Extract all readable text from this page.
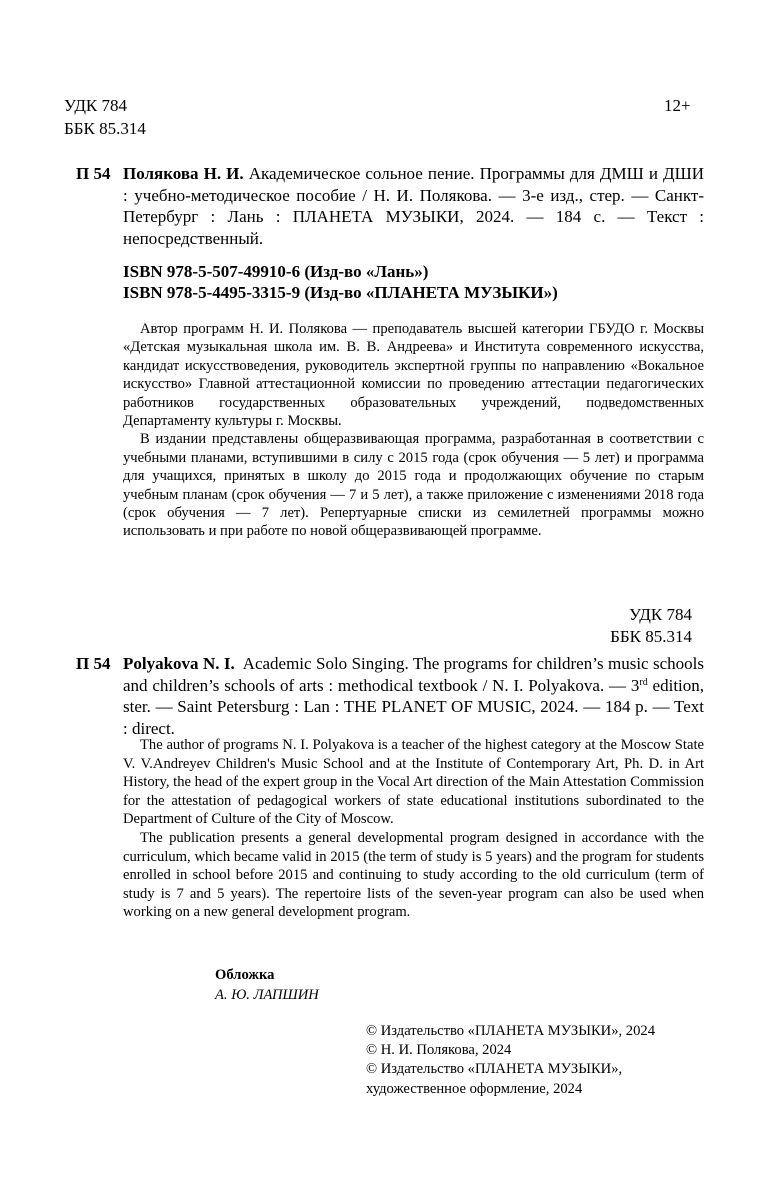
УДК 784
ББК 85.314
12+
П 54 Полякова Н. И. Академическое сольное пение. Программы для ДМШ и ДШИ : учебно-методическое пособие / Н. И. Полякова. — 3-е изд., стер. — Санкт-Петербург : Лань : ПЛАНЕТА МУЗЫКИ, 2024. — 184 с. — Текст : непосредственный.
ISBN 978-5-507-49910-6 (Изд-во «Лань»)
ISBN 978-5-4495-3315-9 (Изд-во «ПЛАНЕТА МУЗЫКИ»)

Автор программ Н. И. Полякова — преподаватель высшей категории ГБУДО г. Москвы «Детская музыкальная школа им. В. В. Андреева» и Института современного искусства, кандидат искусствоведения, руководитель экспертной группы по направлению «Вокальное искусство» Главной аттестационной комиссии по проведению аттестации педагогических работников государственных образовательных учреждений, подведомственных Департаменту культуры г. Москвы.

В издании представлены общеразвивающая программа, разработанная в соответствии с учебными планами, вступившими в силу с 2015 года (срок обучения — 5 лет) и программа для учащихся, принятых в школу до 2015 года и продолжающих обучение по старым учебным планам (срок обучения — 7 и 5 лет), а также приложение с изменениями 2018 года (срок обучения — 7 лет). Репертуарные списки из семилетней программы можно использовать и при работе по новой общеразвивающей программе.

УДК 784
ББК 85.314
П 54 Polyakova N. I. Academic Solo Singing. The programs for children’s music schools and children’s schools of arts : methodical textbook / N. I. Polyakova. — 3rd edition, ster. — Saint Petersburg : Lan : THE PLANET OF MUSIC, 2024. — 184 p. — Text : direct.

The author of programs N. I. Polyakova is a teacher of the highest category at the Moscow State V. V.Andreyev Children's Music School and at the Institute of Contemporary Art, Ph. D. in Art History, the head of the expert group in the Vocal Art direction of the Main Attestation Commission for the attestation of pedagogical workers of state educational institutions subordinated to the Department of Culture of the City of Moscow.

The publication presents a general developmental program designed in accordance with the curriculum, which became valid in 2015 (the term of study is 5 years) and the program for students enrolled in school before 2015 and continuing to study according to the old curriculum (term of study is 7 and 5 years). The repertoire lists of the seven-year program can also be used when working on a new general development program.

Обложка
А. Ю. ЛАПШИН
© Издательство «ПЛАНЕТА МУЗЫКИ», 2024
© Н. И. Полякова, 2024
© Издательство «ПЛАНЕТА МУЗЫКИ»,
художественное оформление, 2024
